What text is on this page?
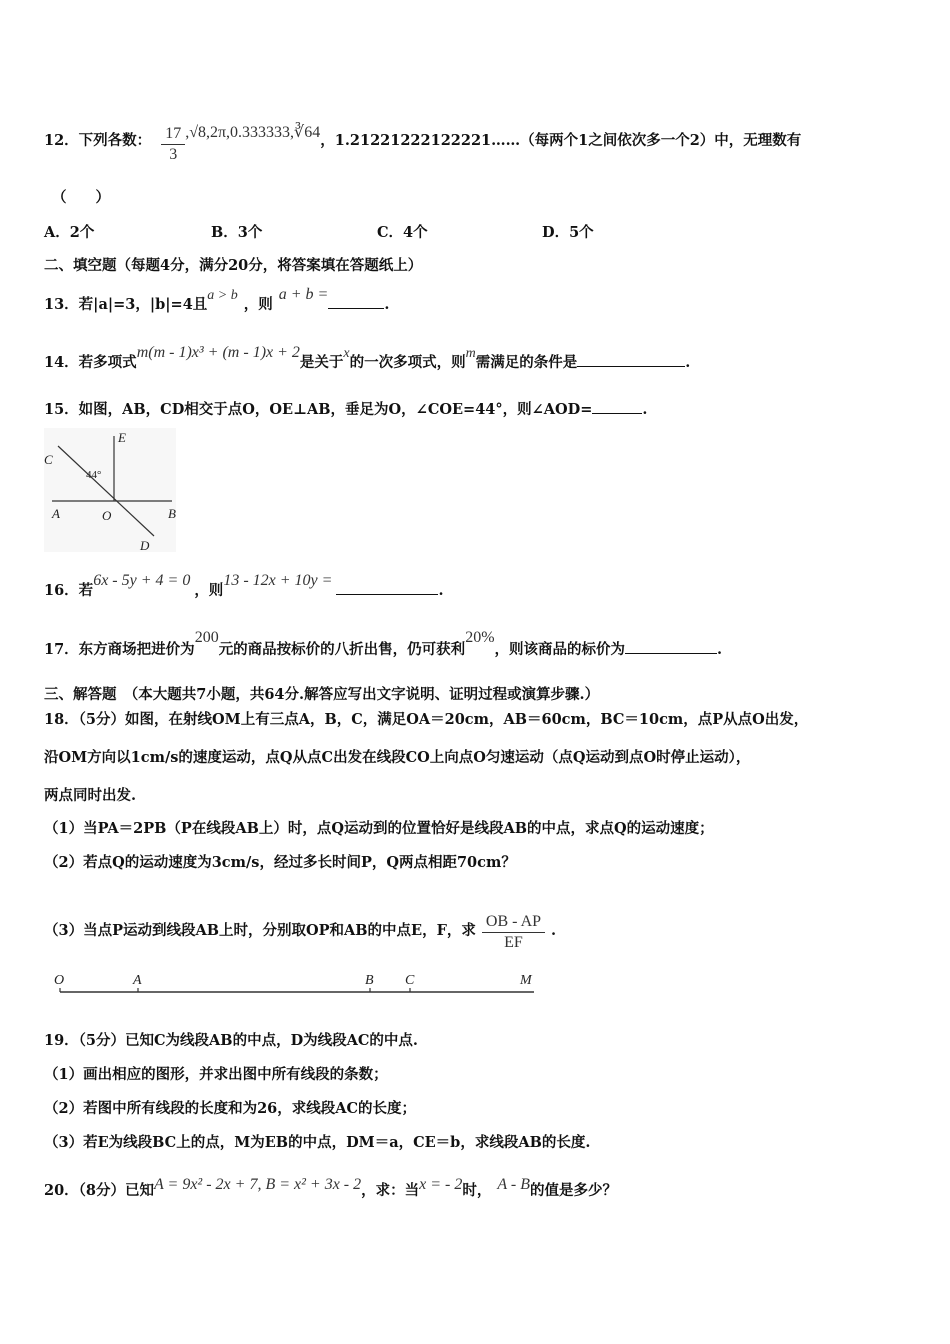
12．下列各数： $\frac{17}{3}$ ,√8,2π,0.333333,∛64，1.21221222122221……（每两个1之间依次多一个2）中，无理数有
（　　）
A．2个	B．3个	C．4个	D．5个
二、填空题（每题4分，满分20分，将答案填在答题纸上）
13．若|a|=3，|b|=4且a > b，则a + b =.
14．若多项式m(m - 1)x³ + (m - 1)x + 2是关于x的一次多项式，则m需满足的条件是	.
15．如图，AB，CD相交于点O，OE⊥AB，垂足为O，∠COE=44°，则∠AOD=	.
E
C
44°
A	O	B
D
16．若6x - 5y + 4 = 0，则13 - 12x + 10y =.
17．东方商场把进价为200元的商品按标价的八折出售，仍可获利20%，则该商品的标价为	.
三、解答题　（本大题共7小题，共64分.解答应写出文字说明、证明过程或演算步骤.）
18．（5分）如图，在射线OM上有三点A，B，C，满足OA＝20cm，AB＝60cm，BC＝10cm，点P从点O出发，
沿OM方向以1cm/s的速度运动，点Q从点C出发在线段CO上向点O匀速运动（点Q运动到点O时停止运动），
两点同时出发.
（1）当PA＝2PB（P在线段AB上）时，点Q运动到的位置恰好是线段AB的中点，求点Q的运动速度；
（2）若点Q的运动速度为3cm/s，经过多长时间P，Q两点相距70cm？
（3）当点P运动到线段AB上时，分别取OP和AB的中点E，F，求 $\frac{OB - AP}{EF}$ .
O	A	B C	M
19．（5分）已知C为线段AB的中点，D为线段AC的中点.
（1）画出相应的图形，并求出图中所有线段的条数；
（2）若图中所有线段的长度和为26，求线段AC的长度；
（3）若E为线段BC上的点，M为EB的中点，DM＝a，CE＝b，求线段AB的长度.
20．（8分）已知A = 9x² - 2x + 7, B = x² + 3x - 2，求：当x = - 2时， A - B的值是多少？
